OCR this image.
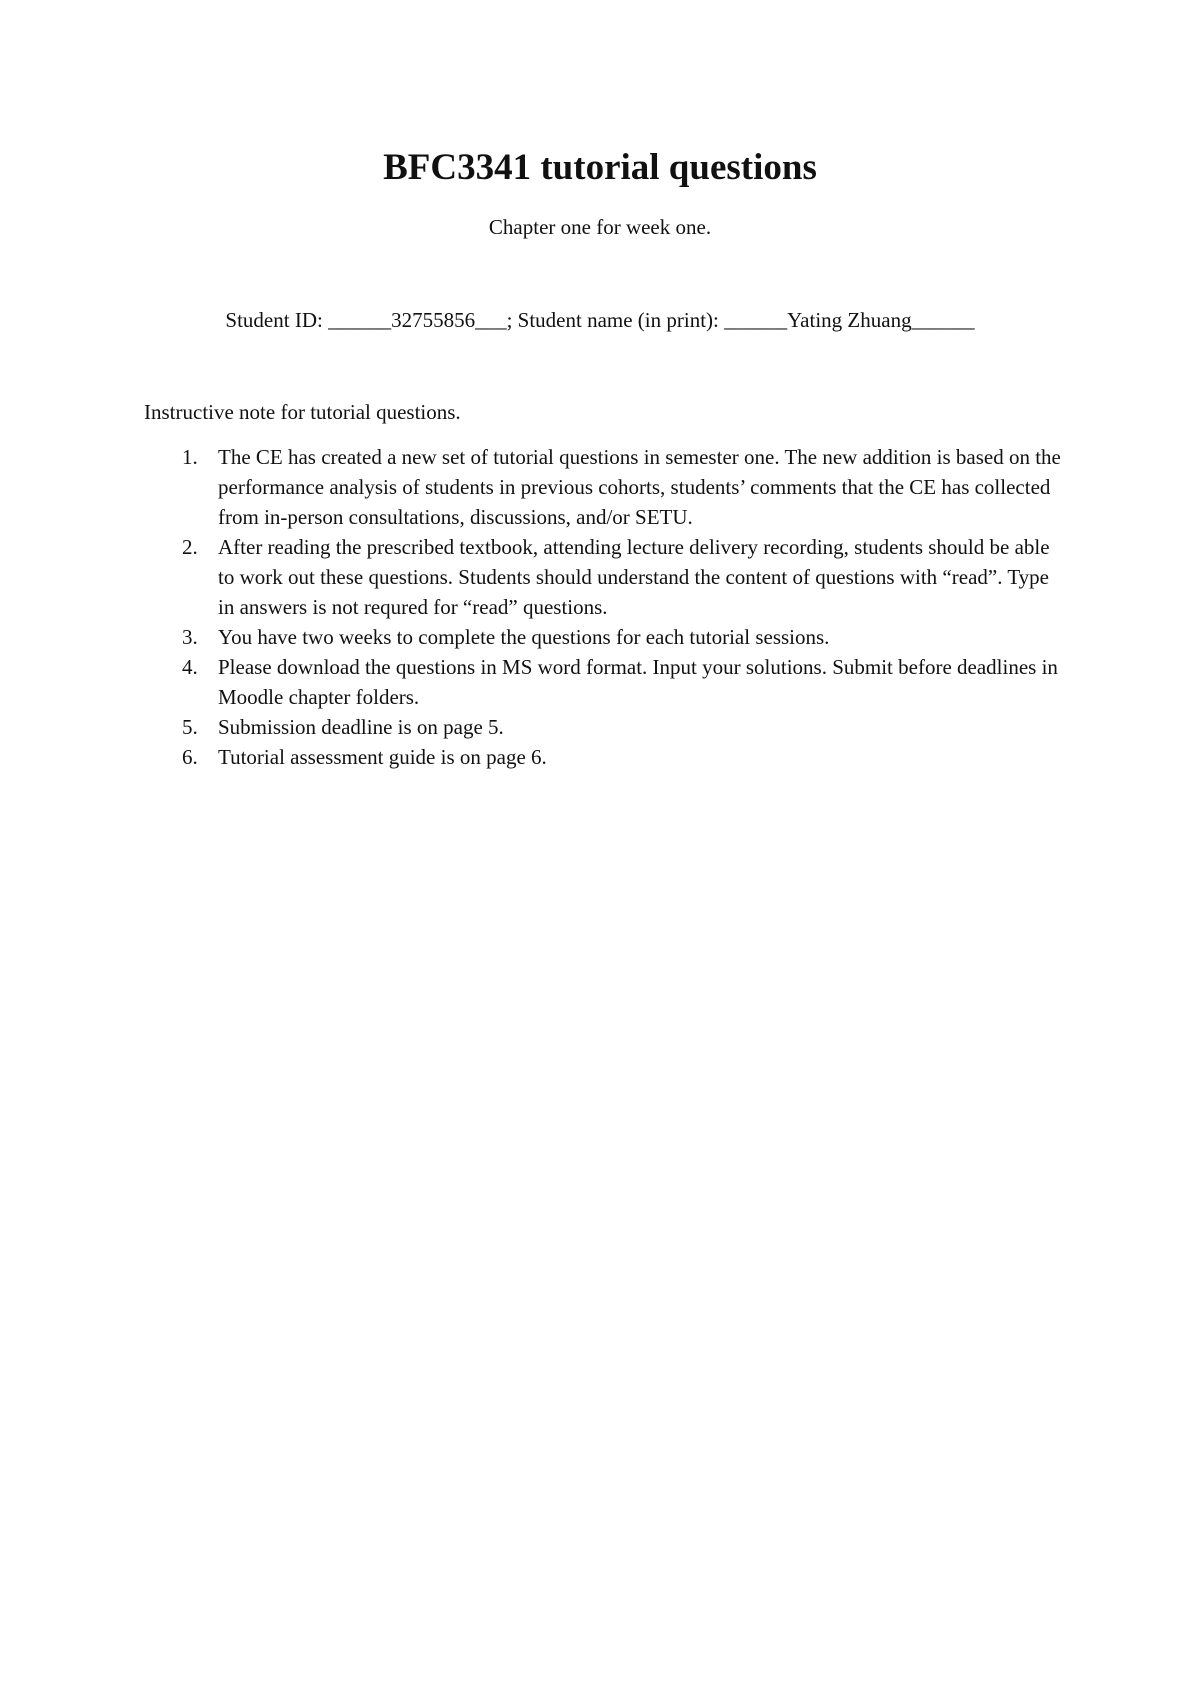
BFC3341 tutorial questions
Chapter one for week one.
Student ID: ______32755856___; Student name (in print): ______Yating Zhuang______
Instructive note for tutorial questions.
1. The CE has created a new set of tutorial questions in semester one. The new addition is based on the performance analysis of students in previous cohorts, students’ comments that the CE has collected from in-person consultations, discussions, and/or SETU.
2. After reading the prescribed textbook, attending lecture delivery recording, students should be able to work out these questions. Students should understand the content of questions with “read”. Type in answers is not requred for “read” questions.
3. You have two weeks to complete the questions for each tutorial sessions.
4. Please download the questions in MS word format. Input your solutions. Submit before deadlines in Moodle chapter folders.
5. Submission deadline is on page 5.
6. Tutorial assessment guide is on page 6.
